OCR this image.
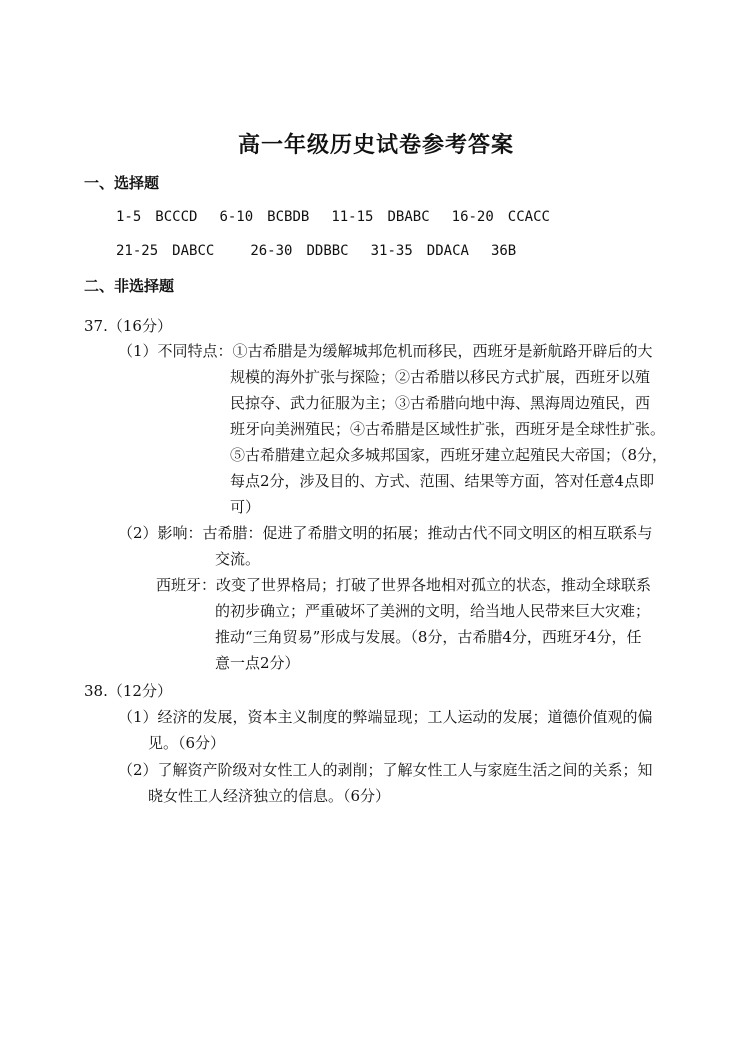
高一年级历史试卷参考答案
一、选择题
1-5 BCCCD 6-10 BCBDB 11-15 DBABC 16-20 CCACC
21-25 DABCC	26-30 DDBBC 31-35 DDACA 36B
二、非选择题
37.（16分）
（1）不同特点：①古希腊是为缓解城邦危机而移民，西班牙是新航路开辟后的大
规模的海外扩张与探险；②古希腊以移民方式扩展，西班牙以殖
民掠夺、武力征服为主；③古希腊向地中海、黑海周边殖民，西
班牙向美洲殖民；④古希腊是区域性扩张，西班牙是全球性扩张。
⑤古希腊建立起众多城邦国家，西班牙建立起殖民大帝国；（8分，
每点2分，涉及目的、方式、范围、结果等方面，答对任意4点即
可）
（2）影响：古希腊：促进了希腊文明的拓展；推动古代不同文明区的相互联系与
交流。
西班牙：改变了世界格局；打破了世界各地相对孤立的状态，推动全球联系
的初步确立；严重破坏了美洲的文明，给当地人民带来巨大灾难；
推动“三角贸易”形成与发展。（8分，古希腊4分，西班牙4分，任
意一点2分）
38.（12分）
（1）经济的发展，资本主义制度的弊端显现；工人运动的发展；道德价值观的偏
见。（6分）
（2）了解资产阶级对女性工人的剥削；了解女性工人与家庭生活之间的关系；知
晓女性工人经济独立的信息。（6分）
